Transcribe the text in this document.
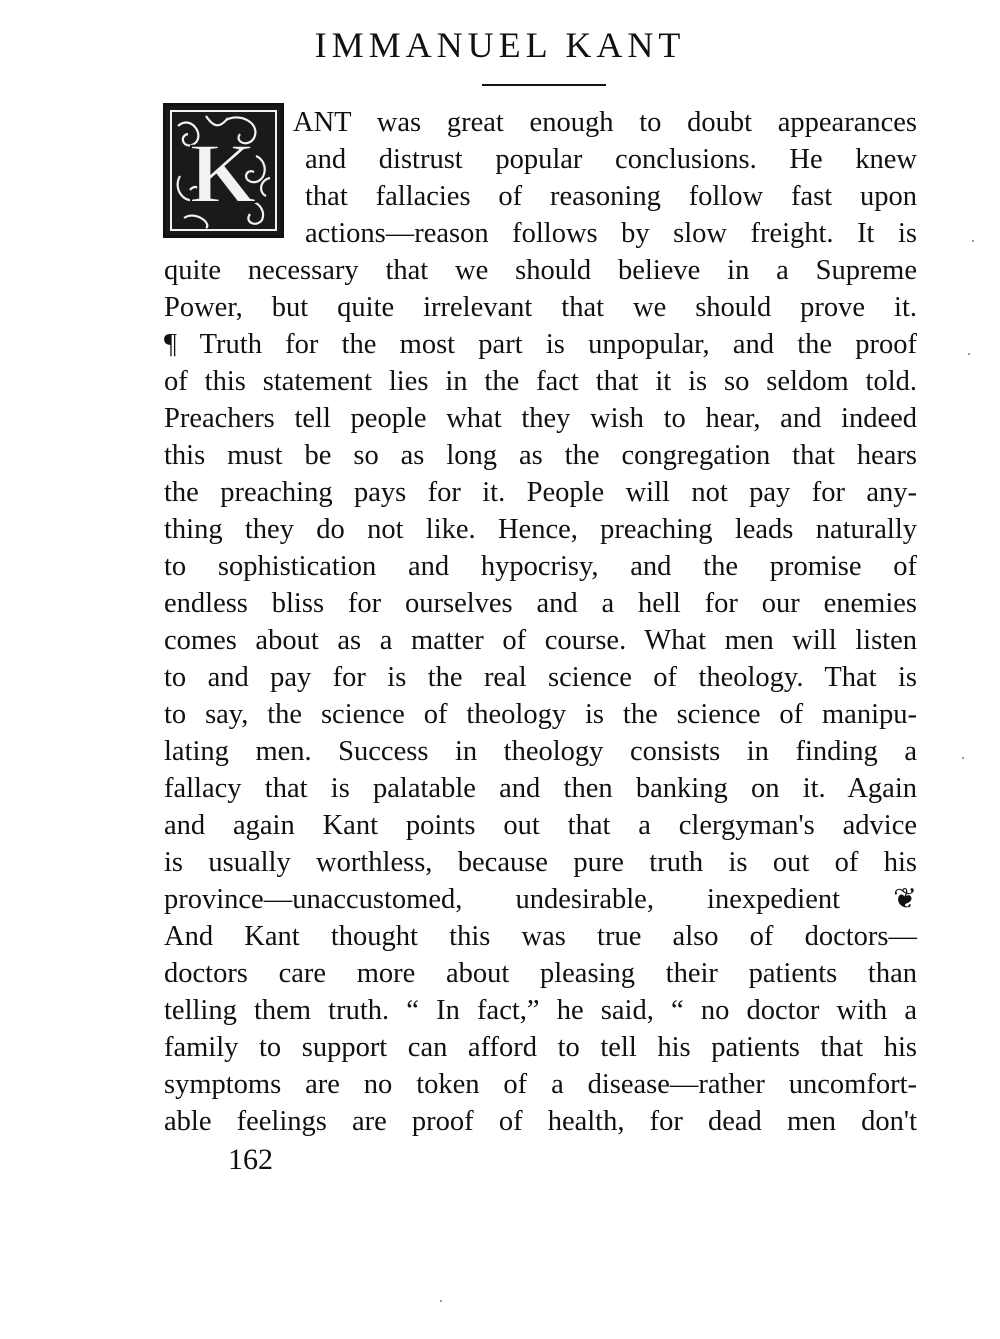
IMMANUEL KANT
K
ANT was great enough to doubt appearances
and distrust popular conclusions. He knew
that fallacies of reasoning follow fast upon
actions—reason follows by slow freight. It is
quite necessary that we should believe in a Supreme
Power, but quite irrelevant that we should prove it.
¶ Truth for the most part is unpopular, and the proof
of this statement lies in the fact that it is so seldom told.
Preachers tell people what they wish to hear, and indeed
this must be so as long as the congregation that hears
the preaching pays for it. People will not pay for any-
thing they do not like. Hence, preaching leads naturally
to sophistication and hypocrisy, and the promise of
endless bliss for ourselves and a hell for our enemies
comes about as a matter of course. What men will listen
to and pay for is the real science of theology. That is
to say, the science of theology is the science of manipu-
lating men. Success in theology consists in finding a
fallacy that is palatable and then banking on it. Again
and again Kant points out that a clergyman's advice
is usually worthless, because pure truth is out of his
province—unaccustomed, undesirable, inexpedient ❦
And Kant thought this was true also of doctors—
doctors care more about pleasing their patients than
telling them truth. “ In fact,” he said, “ no doctor with a
family to support can afford to tell his patients that his
symptoms are no token of a disease—rather uncomfort-
able feelings are proof of health, for dead men don't
162
